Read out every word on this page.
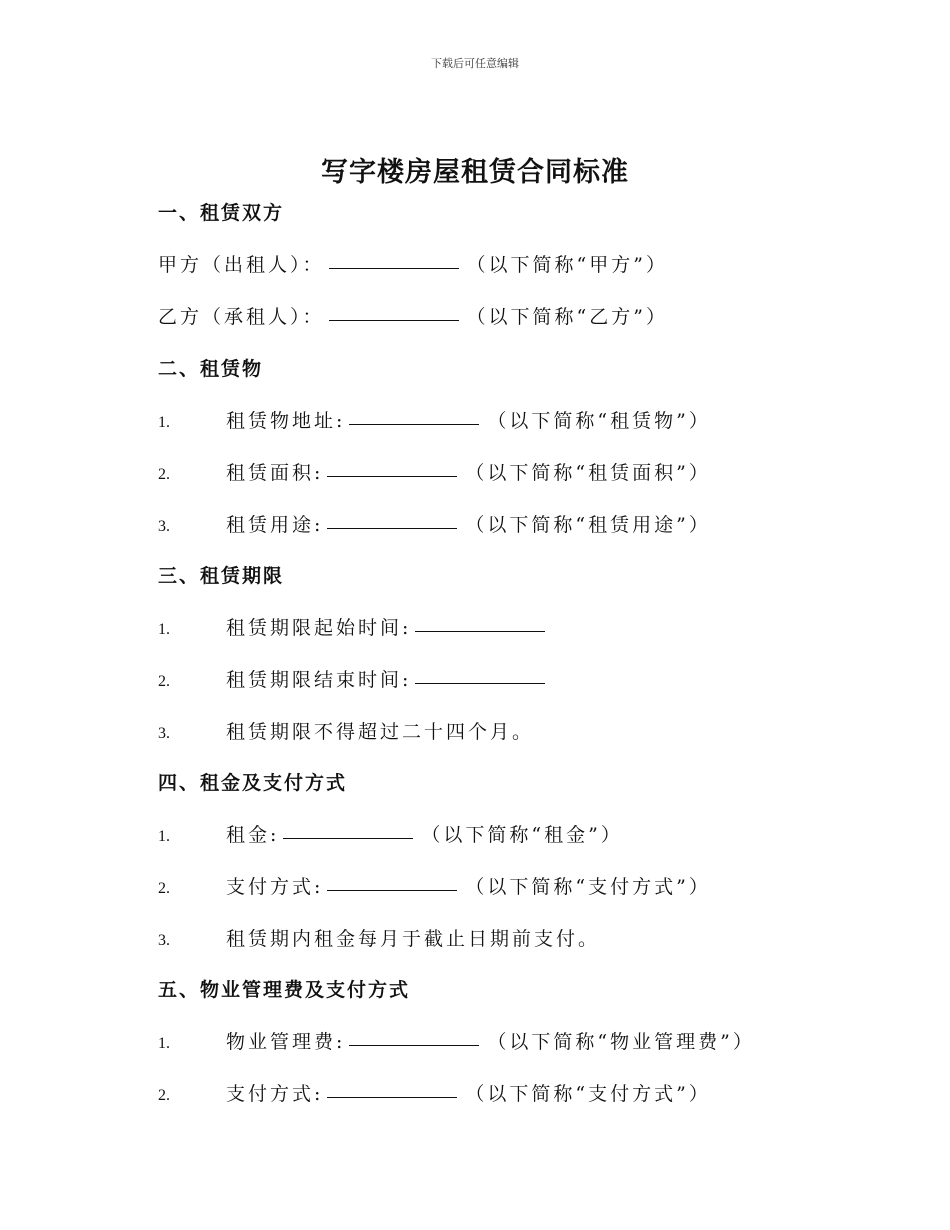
下载后可任意编辑
写字楼房屋租赁合同标准
一、租赁双方
甲方（出租人）：	（以下简称“甲方”）
乙方（承租人）：	（以下简称“乙方”）
二、租赁物
1.	租赁物地址:	（以下简称“租赁物”）
2.	租赁面积:	（以下简称“租赁面积”）
3.	租赁用途:	（以下简称“租赁用途”）
三、租赁期限
1.	租赁期限起始时间:
2.	租赁期限结束时间:
3.	租赁期限不得超过二十四个月。
四、租金及支付方式
1.	租金:	（以下简称“租金”）
2.	支付方式:	（以下简称“支付方式”）
3.	租赁期内租金每月于截止日期前支付。
五、物业管理费及支付方式
1.	物业管理费:	（以下简称“物业管理费”）
2.	支付方式:	（以下简称“支付方式”）
